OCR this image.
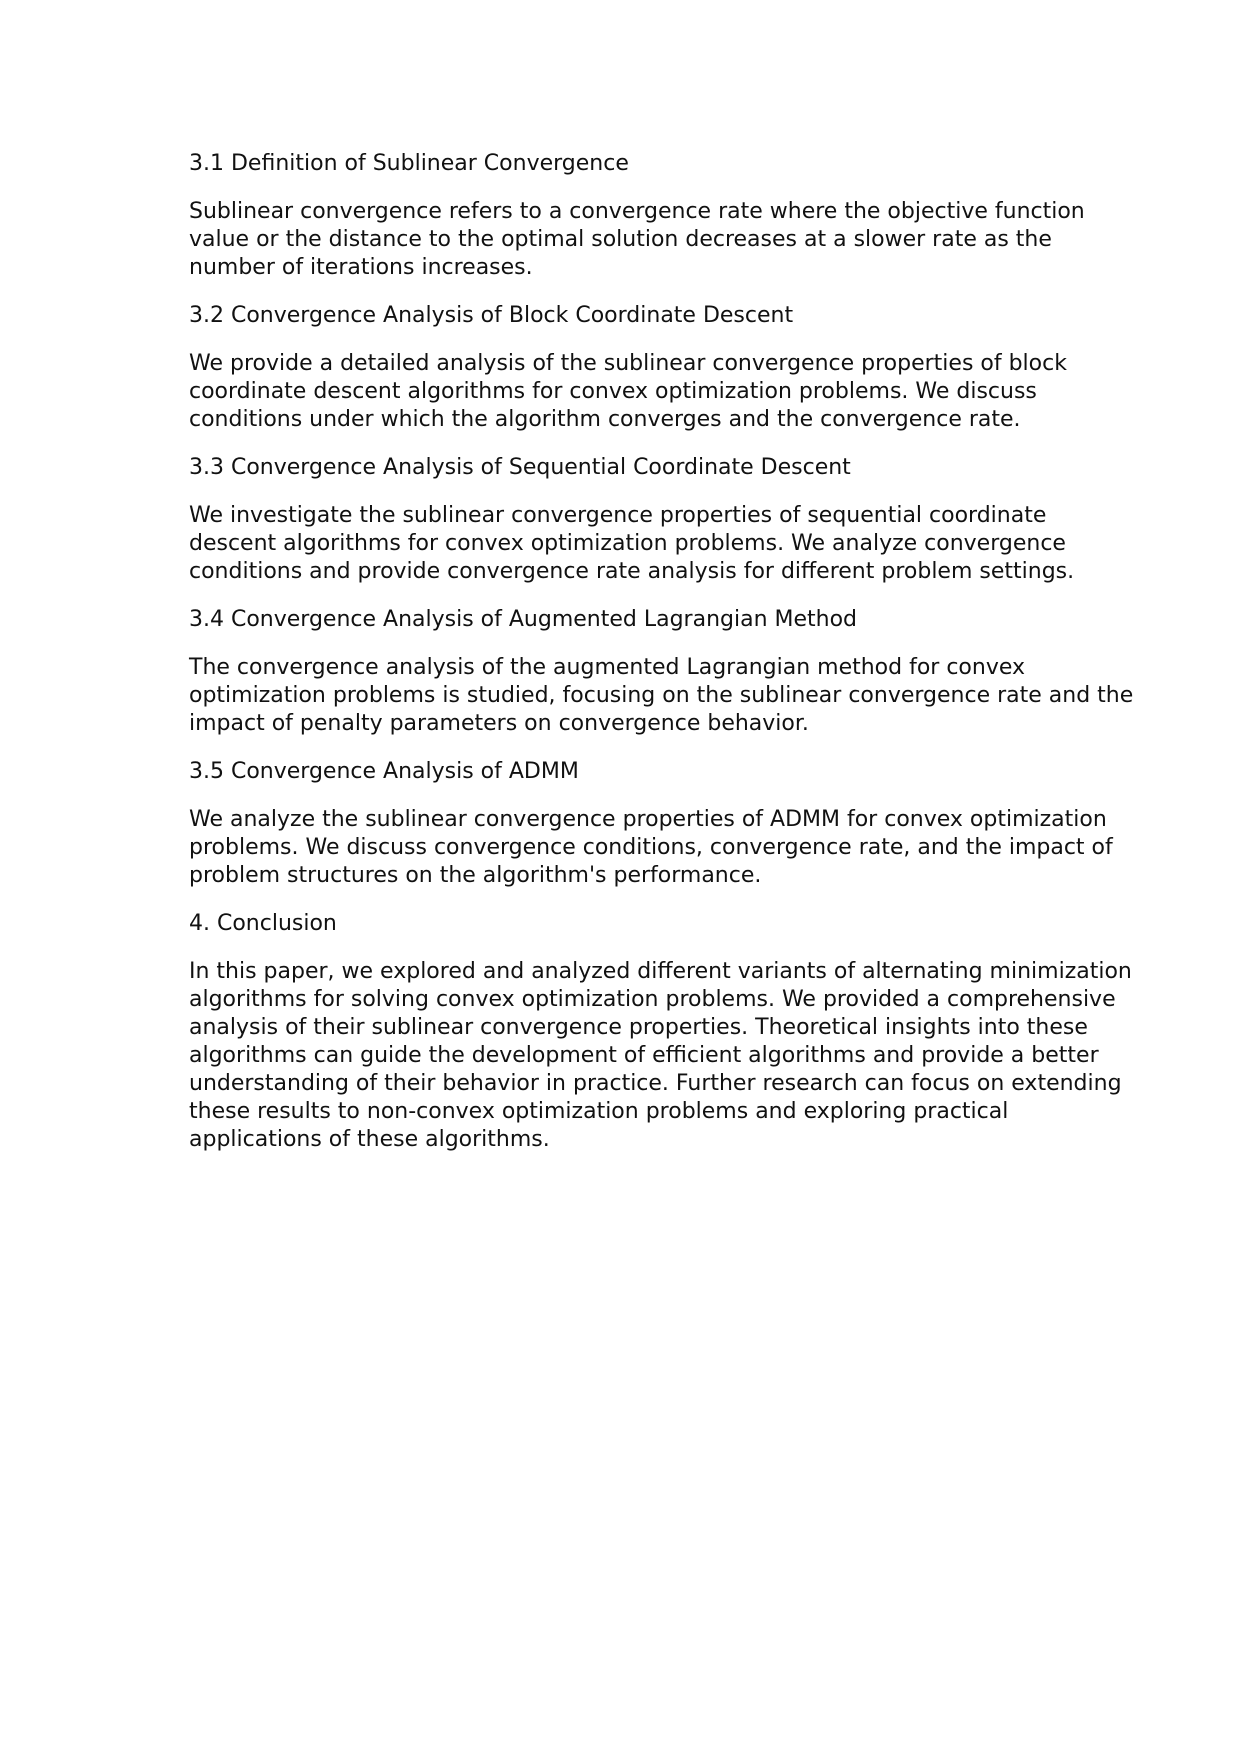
3.1 Definition of Sublinear Convergence

Sublinear convergence refers to a convergence rate where the objective function
value or the distance to the optimal solution decreases at a slower rate as the
number of iterations increases.

3.2 Convergence Analysis of Block Coordinate Descent

We provide a detailed analysis of the sublinear convergence properties of block
coordinate descent algorithms for convex optimization problems. We discuss
conditions under which the algorithm converges and the convergence rate.

3.3 Convergence Analysis of Sequential Coordinate Descent

We investigate the sublinear convergence properties of sequential coordinate
descent algorithms for convex optimization problems. We analyze convergence
conditions and provide convergence rate analysis for different problem settings.

3.4 Convergence Analysis of Augmented Lagrangian Method

The convergence analysis of the augmented Lagrangian method for convex
optimization problems is studied, focusing on the sublinear convergence rate and the
impact of penalty parameters on convergence behavior.

3.5 Convergence Analysis of ADMM

We analyze the sublinear convergence properties of ADMM for convex optimization
problems. We discuss convergence conditions, convergence rate, and the impact of
problem structures on the algorithm's performance.

4. Conclusion

In this paper, we explored and analyzed different variants of alternating minimization
algorithms for solving convex optimization problems. We provided a comprehensive
analysis of their sublinear convergence properties. Theoretical insights into these
algorithms can guide the development of efficient algorithms and provide a better
understanding of their behavior in practice. Further research can focus on extending
these results to non-convex optimization problems and exploring practical
applications of these algorithms.
